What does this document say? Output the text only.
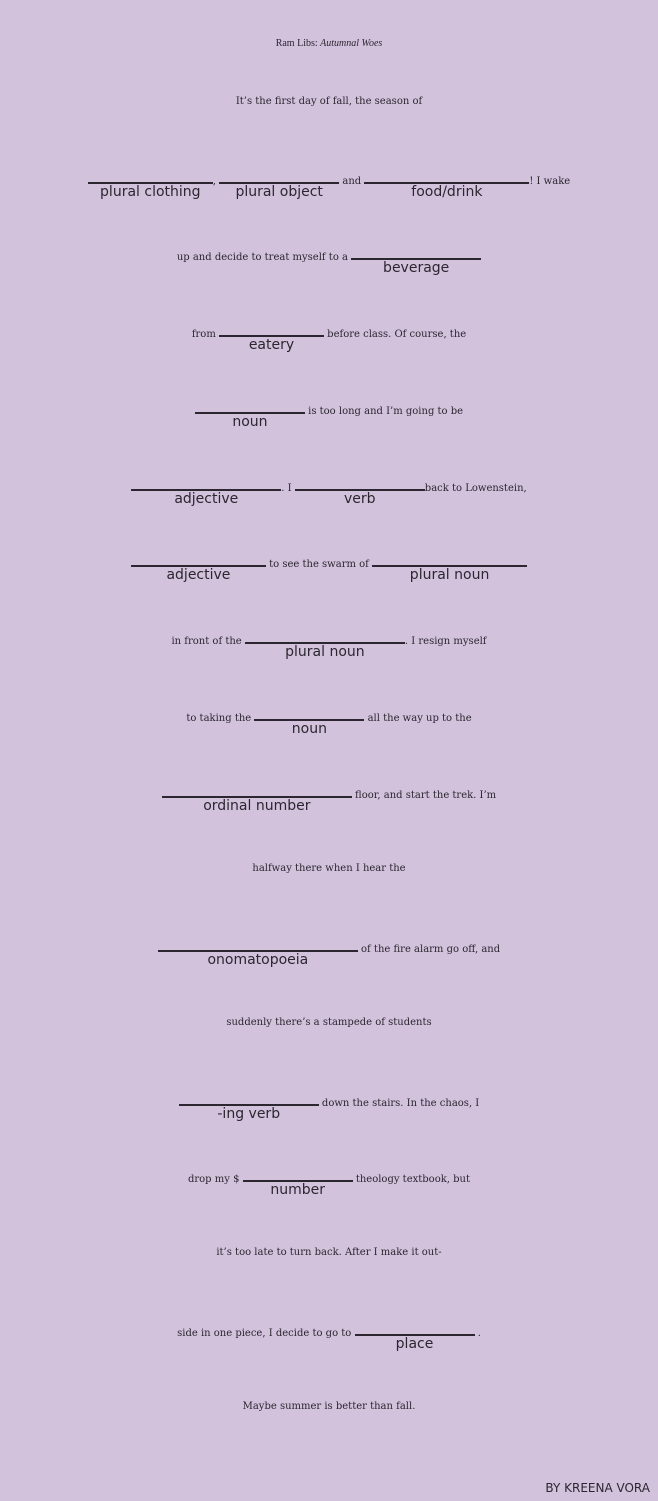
Ram Libs: Autumnal Woes
It’s the first day of fall, the season of
plural clothing
,
plural object
and
food/drink
! I wake
up and decide to treat myself to a
beverage
from
eatery
before class. Of course, the
noun
is too long and I’m going to be
adjective
. I
verb
back to Lowenstein,
adjective
to see the swarm of
plural noun
in front of the
plural noun
. I resign myself
to taking the
noun
all the way up to the
ordinal number
floor, and start the trek. I’m
halfway there when I hear the
onomatopoeia
of the fire alarm go off, and
suddenly there’s a stampede of students
-ing verb
down the stairs. In the chaos, I
drop my $
number
theology textbook, but
it’s too late to turn back. After I make it out-
side in one piece, I decide to go to
place
.
Maybe summer is better than fall.
BY KREENA VORA
